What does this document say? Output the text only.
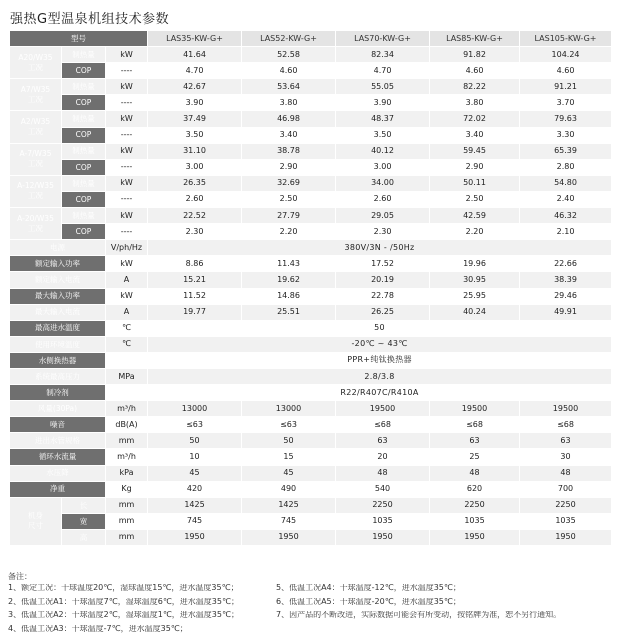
强热G型温泉机组技术参数
型号			LAS35-KW-G+	LAS52-KW-G+	LAS70-KW-G+	LAS85-KW-G+	LAS105-KW-G+
A20/W35
工况	制热量	kW	41.64	52.58	82.34	91.82	104.24
	COP	----	4.70	4.60	4.70	4.60	4.60
A7/W35
工况	制热量	kW	42.67	53.64	55.05	82.22	91.21
	COP	----	3.90	3.80	3.90	3.80	3.70
A2/W35
工况	制热量	kW	37.49	46.98	48.37	72.02	79.63
	COP	----	3.50	3.40	3.50	3.40	3.30
A-7/W35
工况	制热量	kW	31.10	38.78	40.12	59.45	65.39
	COP	----	3.00	2.90	3.00	2.90	2.80
A-12/W35
工况	制热量	kW	26.35	32.69	34.00	50.11	54.80
	COP	----	2.60	2.50	2.60	2.50	2.40
A-20/W35
工况	制热量	kW	22.52	27.79	29.05	42.59	46.32
	COP	----	2.30	2.20	2.30	2.20	2.10
电源		V/ph/Hz	380V/3N - /50Hz				
额定输入功率		kW	8.86	11.43	17.52	19.96	22.66
额定输入电流		A	15.21	19.62	20.19	30.95	38.39
最大输入功率		kW	11.52	14.86	22.78	25.95	29.46
最大输入电流		A	19.77	25.51	26.25	40.24	49.91
最高进水温度		℃	50				
使用环境温度		℃	-20℃ ~ 43℃				
水侧换热器			PPR+纯钛换热器				
系统最高压力		MPa	2.8/3.8				
制冷剂			R22/R407C/R410A				
风量(30Pa)		m³/h	13000	13000	19500	19500	19500
噪音		dB(A)	≤63	≤63	≤68	≤68	≤68
进出水管规格		mm	50	50	63	63	63
循环水流量		m³/h	10	15	20	25	30
水压降		kPa	45	45	48	48	48
净重		Kg	420	490	540	620	700
机身
尺寸	长	mm	1425	1425	2250	2250	2250
	宽	mm	745	745	1035	1035	1035
	高	mm	1950	1950	1950	1950	1950
备注：
1、额定工况：干球温度20℃，湿球温度15℃，进水温度35℃；
2、低温工况A1：干球温度7℃，湿球温度6℃，进水温度35℃；
3、低温工况A2：干球温度2℃，湿球温度1℃，进水温度35℃；
4、低温工况A3：干球温度-7℃，进水温度35℃；
5、低温工况A4：干球温度-12℃，进水温度35℃；
6、低温工况A5：干球温度-20℃，进水温度35℃；
7、因产品的不断改进，实际数据可能会有所变动，按铭牌为准，恕不另行通知。
